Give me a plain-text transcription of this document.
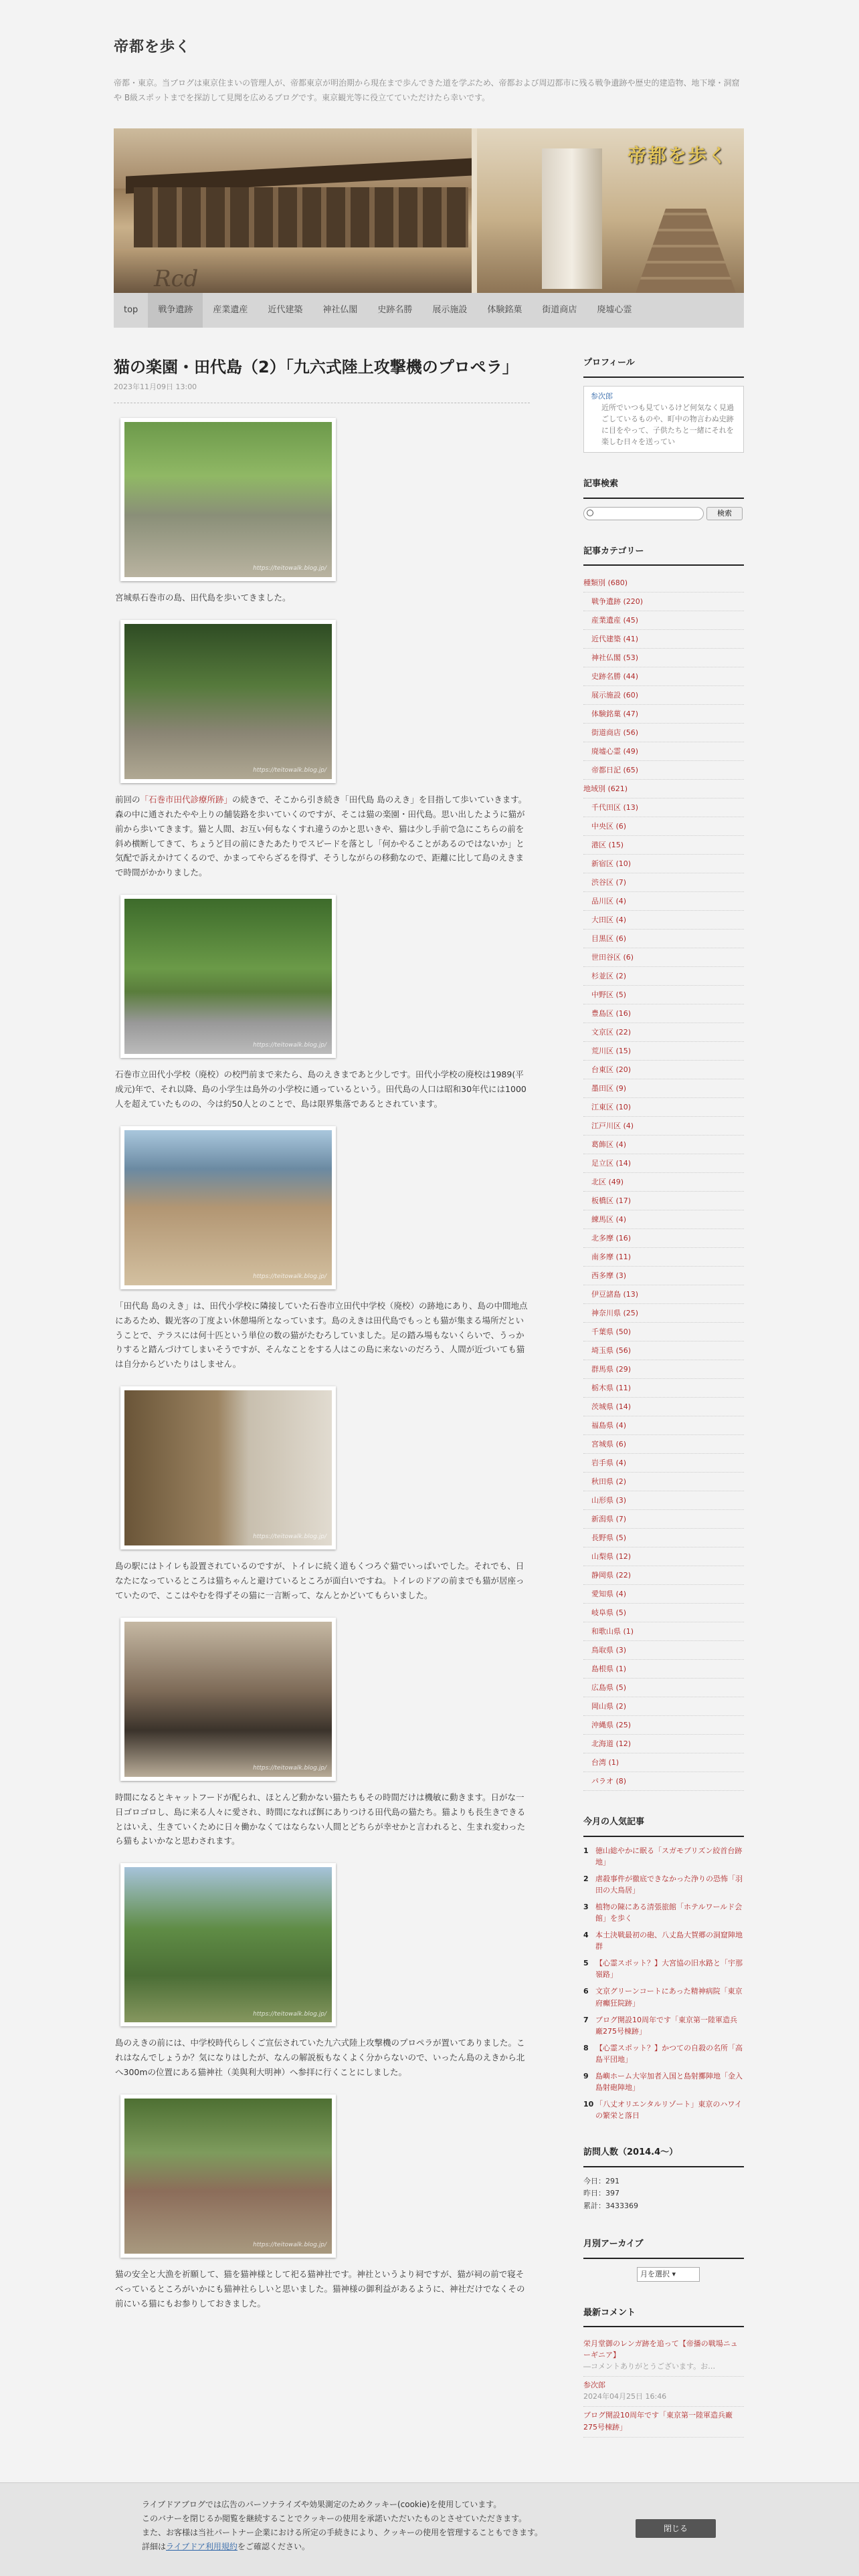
帝都を歩く
帝都・東京。当ブログは東京住まいの管理人が、帝都東京が明治期から現在まで歩んできた道を学ぶため、帝都および周辺都市に残る戦争遺跡や歴史的建造物、地下壕・洞窟や B級スポットまでを探訪して見聞を広めるブログです。東京観光等に役立てていただけたら幸いです。
Rcd
帝都を歩く
top	戦争遺跡	産業遺産	近代建築	神社仏閣	史跡名勝	展示施設	体験銘菓	街道商店	廃墟心霊
猫の楽園・田代島（2）「九六式陸上攻撃機のプロペラ」
2023年11月09日 13:00
https://teitowalk.blog.jp/

宮城県石巻市の島、田代島を歩いてきました。

https://teitowalk.blog.jp/

前回の「石巻市田代診療所跡」の続きで、そこから引き続き「田代島 島のえき」を目指して歩いていきます。森の中に通されたやや上りの舗装路を歩いていくのですが、そこは猫の楽園・田代島。思い出したように猫が前から歩いてきます。猫と人間、お互い何もなくすれ違うのかと思いきや、猫は少し手前で急にこちらの前を斜め横断してきて、ちょうど目の前にきたあたりでスピードを落とし「何かやることがあるのではないか」と気配で訴えかけてくるので、かまってやらざるを得ず、そうしながらの移動なので、距離に比して島のえきまで時間がかかりました。

https://teitowalk.blog.jp/

石巻市立田代小学校（廃校）の校門前まで来たら、島のえきまであと少しです。田代小学校の廃校は1989(平成元)年で、それ以降、島の小学生は島外の小学校に通っているという。田代島の人口は昭和30年代には1000人を超えていたものの、今は約50人とのことで、島は限界集落であるとされています。

https://teitowalk.blog.jp/

「田代島 島のえき」は、田代小学校に隣接していた石巻市立田代中学校（廃校）の跡地にあり、島の中間地点にあるため、観光客の丁度よい休憩場所となっています。島のえきは田代島でもっとも猫が集まる場所だということで、テラスには何十匹という単位の数の猫がたむろしていました。足の踏み場もないくらいで、うっかりすると踏んづけてしまいそうですが、そんなことをする人はこの島に来ないのだろう、人間が近づいても猫は自分からどいたりはしません。

https://teitowalk.blog.jp/

島の駅にはトイレも設置されているのですが、トイレに続く道もくつろぐ猫でいっぱいでした。それでも、日なたになっているところは猫ちゃんと避けているところが面白いですね。トイレのドアの前までも猫が居座っていたので、ここはやむを得ずその猫に一言断って、なんとかどいてもらいました。

https://teitowalk.blog.jp/

時間になるとキャットフードが配られ、ほとんど動かない猫たちもその時間だけは機敏に動きます。日がな一日ゴロゴロし、島に来る人々に愛され、時間になれば餌にありつける田代島の猫たち。猫よりも長生きできるとはいえ、生きていくために日々働かなくてはならない人間とどちらが幸せかと言われると、生まれ変わったら猫もよいかなと思わされます。

https://teitowalk.blog.jp/

島のえきの前には、中学校時代らしくご宣伝されていた九六式陸上攻撃機のプロペラが置いてありました。これはなんでしょうか？気になりはしたが、なんの解説板もなくよく分からないので、いったん島のえきから北へ300mの位置にある猫神社（美與利大明神）へ参拝に行くことにしました。

https://teitowalk.blog.jp/

猫の安全と大漁を祈願して、猫を猫神様として祀る猫神社です。神社というより祠ですが、猫が祠の前で寝そべっているところがいかにも猫神社らしいと思いました。猫神様の御利益があるように、神社だけでなくその前にいる猫にもお参りしておきました。

プロフィール
参次郎
近所でいつも見ているけど何気なく見過ごしているものや、町中の物言わぬ史跡に目をやって、子供たちと一緒にそれを楽しむ日々を送ってい
記事検索
検索
記事カテゴリー
種類別 (680)
戦争遺跡 (220)
産業遺産 (45)
近代建築 (41)
神社仏閣 (53)
史跡名勝 (44)
展示施設 (60)
体験銘菓 (47)
街道商店 (56)
廃墟心霊 (49)
帝都日記 (65)
地域別 (621)
千代田区 (13)
中央区 (6)
港区 (15)
新宿区 (10)
渋谷区 (7)
品川区 (4)
大田区 (4)
目黒区 (6)
世田谷区 (6)
杉並区 (2)
中野区 (5)
豊島区 (16)
文京区 (22)
荒川区 (15)
台東区 (20)
墨田区 (9)
江東区 (10)
江戸川区 (4)
葛飾区 (4)
足立区 (14)
北区 (49)
板橋区 (17)
練馬区 (4)
北多摩 (16)
南多摩 (11)
西多摩 (3)
伊豆諸島 (13)
神奈川県 (25)
千葉県 (50)
埼玉県 (56)
群馬県 (29)
栃木県 (11)
茨城県 (14)
福島県 (4)
宮城県 (6)
岩手県 (4)
秋田県 (2)
山形県 (3)
新潟県 (7)
長野県 (5)
山梨県 (12)
静岡県 (22)
愛知県 (4)
岐阜県 (5)
和歌山県 (1)
鳥取県 (3)
島根県 (1)
広島県 (5)
岡山県 (2)
沖縄県 (25)
北海道 (12)
台湾 (1)
パラオ (8)
今月の人気記事
1 徳山総やかに眠る「スガモプリズン絞首台跡地」
2 虐殺事件が徹底できなかった浄りの恐怖「羽田の大鳥居」
3 植物の陳にある清張旅館「ホテルワールド会館」を歩く
4 本土決戦最初の砲、八丈島大賀郷の洞窟陣地群
5 【心霊スポット？】大宮協の旧水路と「宇那嶺路」
6 文京グリーンコートにあった精神病院「東京府癲狂院跡」
7 ブログ開設10周年です「東京第一陸軍造兵廠275号棟跡」
8 【心霊スポット？】かつての自殺の名所「高島平団地」
9 島嶼ホーム大宰加者入国と島射擲陣地「金入島射砲陣地」
10 「八丈オリエンタルリゾート」東京のハワイの繁栄と落日
訪問人数（2014.4～）
今日：291
昨日：397
累計：3433369
月別アーカイブ
月を選択 ▾
最新コメント
栄月堂御のレンガ跡を追って【帝播の戦場ニューギニア】
―コメントありがとうございます。お…
参次郎
2024年04月25日 16:46
ブログ開設10周年です「東京第一陸軍造兵廠275号棟跡」
ライブドアブログでは広告のパーソナライズや効果測定のためクッキー(cookie)を使用しています。
このバナーを閉じるか閲覧を継続することでクッキーの使用を承諾いただいたものとさせていただきます。
また、お客様は当社パートナー企業における所定の手続きにより、クッキーの使用を管理することもできます。
詳細はライブドア利用規約をご確認ください。
閉じる
